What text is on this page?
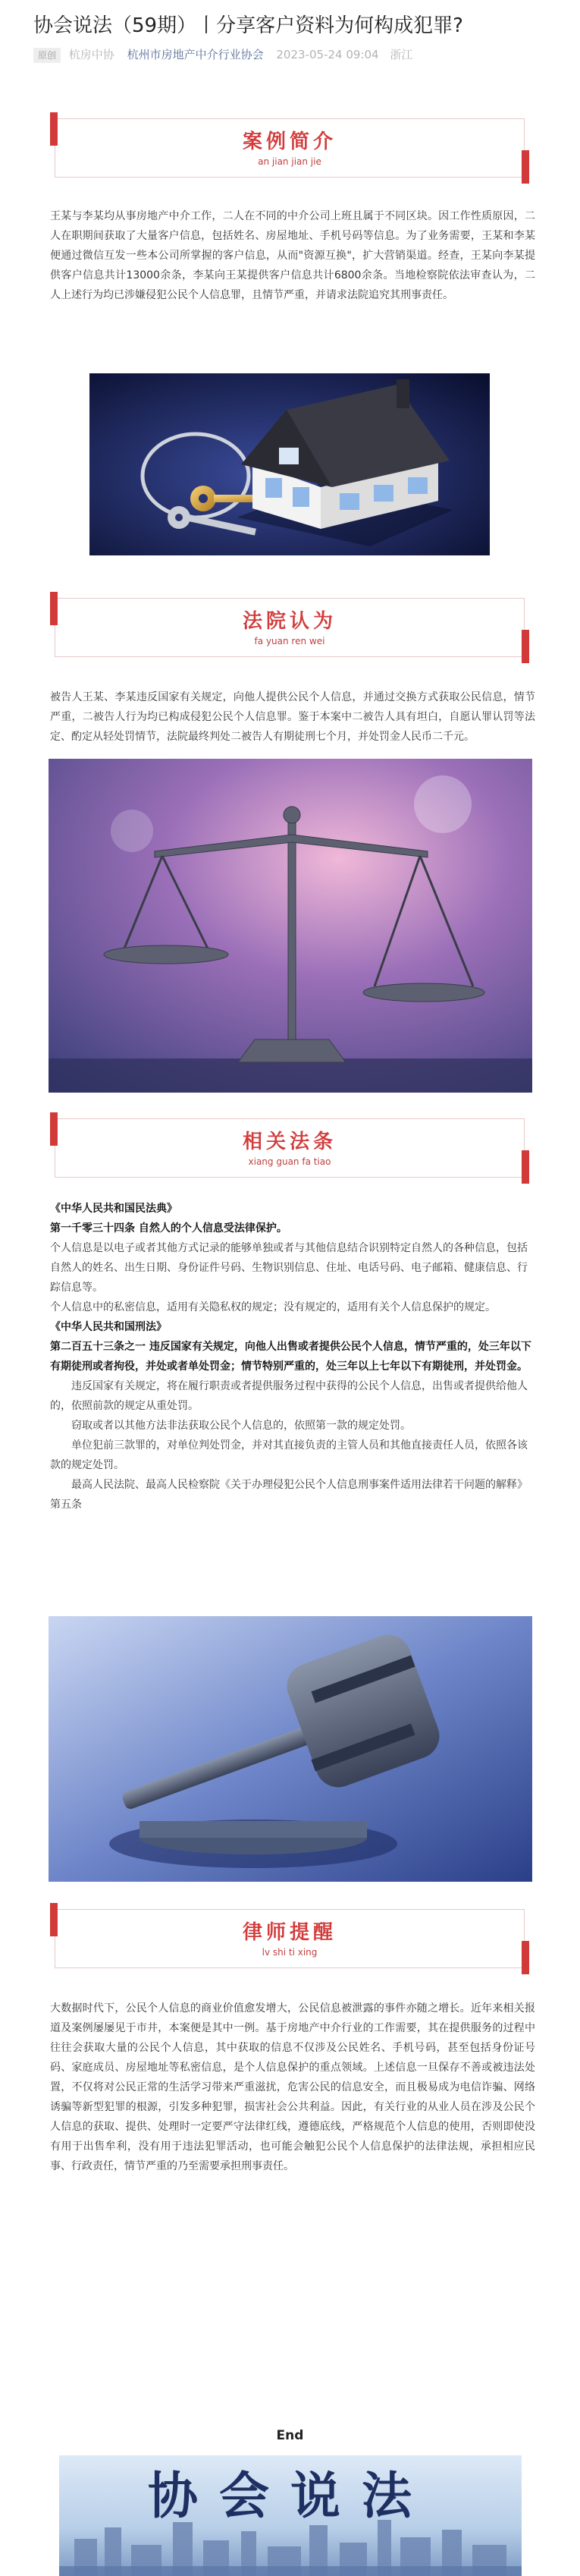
协会说法（59期）丨分享客户资料为何构成犯罪?
原创 杭房中协 杭州市房地产中介行业协会 2023-05-24 09:04 浙江
案例简介
an jian jian jie

王某与李某均从事房地产中介工作，二人在不同的中介公司上班且属于不同区块。因工作性质原因，二人在职期间获取了大量客户信息，包括姓名、房屋地址、手机号码等信息。为了业务需要，王某和李某便通过微信互发一些本公司所掌握的客户信息，从而"资源互换"，扩大营销渠道。经查，王某向李某提供客户信息共计13000余条，李某向王某提供客户信息共计6800余条。当地检察院依法审查认为，二人上述行为均已涉嫌侵犯公民个人信息罪，且情节严重，并请求法院追究其刑事责任。

法院认为
fa yuan ren wei

被告人王某、李某违反国家有关规定，向他人提供公民个人信息，并通过交换方式获取公民信息，情节严重，二被告人行为均已构成侵犯公民个人信息罪。鉴于本案中二被告人具有坦白，自愿认罪认罚等法定、酌定从轻处罚情节，法院最终判处二被告人有期徒刑七个月，并处罚金人民币二千元。

相关法条
xiang guan fa tiao
《中华人民共和国民法典》
第一千零三十四条 自然人的个人信息受法律保护。
个人信息是以电子或者其他方式记录的能够单独或者与其他信息结合识别特定自然人的各种信息，包括自然人的姓名、出生日期、身份证件号码、生物识别信息、住址、电话号码、电子邮箱、健康信息、行踪信息等。
个人信息中的私密信息，适用有关隐私权的规定；没有规定的，适用有关个人信息保护的规定。
《中华人民共和国刑法》
第二百五十三条之一 违反国家有关规定，向他人出售或者提供公民个人信息，情节严重的，处三年以下有期徒刑或者拘役，并处或者单处罚金；情节特别严重的，处三年以上七年以下有期徒刑，并处罚金。
违反国家有关规定，将在履行职责或者提供服务过程中获得的公民个人信息，出售或者提供给他人的，依照前款的规定从重处罚。
窃取或者以其他方法非法获取公民个人信息的，依照第一款的规定处罚。
单位犯前三款罪的，对单位判处罚金，并对其直接负责的主管人员和其他直接责任人员，依照各该款的规定处罚。
最高人民法院、最高人民检察院《关于办理侵犯公民个人信息刑事案件适用法律若干问题的解释》第五条
律师提醒
lv shi ti xing

大数据时代下，公民个人信息的商业价值愈发增大，公民信息被泄露的事件亦随之增长。近年来相关报道及案例屡屡见于市井，本案便是其中一例。基于房地产中介行业的工作需要，其在提供服务的过程中往往会获取大量的公民个人信息，其中获取的信息不仅涉及公民姓名、手机号码，甚至包括身份证号码、家庭成员、房屋地址等私密信息，是个人信息保护的重点领域。上述信息一旦保存不善或被违法处置，不仅将对公民正常的生活学习带来严重滋扰，危害公民的信息安全，而且极易成为电信诈骗、网络诱骗等新型犯罪的根源，引发多种犯罪，损害社会公共利益。因此，有关行业的从业人员在涉及公民个人信息的获取、提供、处理时一定要严守法律红线，遵德底线，严格规范个人信息的使用，否则即使没有用于出售牟利，没有用于违法犯罪活动，也可能会触犯公民个人信息保护的法律法规，承担相应民事、行政责任，情节严重的乃至需要承担刑事责任。

End
协会说法
